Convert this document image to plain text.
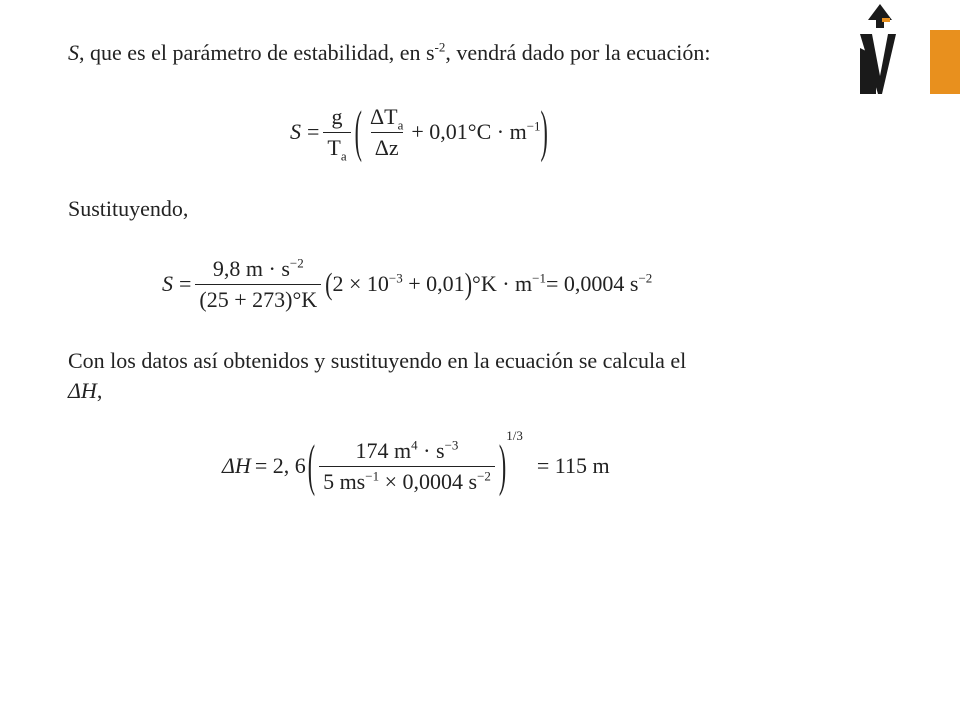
S, que es el parámetro de estabilidad, en $s^{-2}$, vendrá dado por la ecuación:

$S = \frac{g}{T_a}$ ( $\frac{\Delta T_a}{\Delta z} + 0,01^\circ C \cdot m^{-1}$ )

Sustituyendo,

$S = \frac{9,8 m \cdot s^{-2}}{(25 + 273)^\circ K}$ ( $2 \times 10^{-3} + 0,01$ ) $^\circ K \cdot m^{-1} = 0,0004$ $s^{-2}$

Con los datos así obtenidos y sustituyendo en la ecuación se calcula el
ΔH,

ΔH = 2, 6 ( $\frac{174 m^4 \cdot s^{-3}}{5 ms^{-1} \times 0,0004 s^{-2}}$ ) 1/3
= 115 m
